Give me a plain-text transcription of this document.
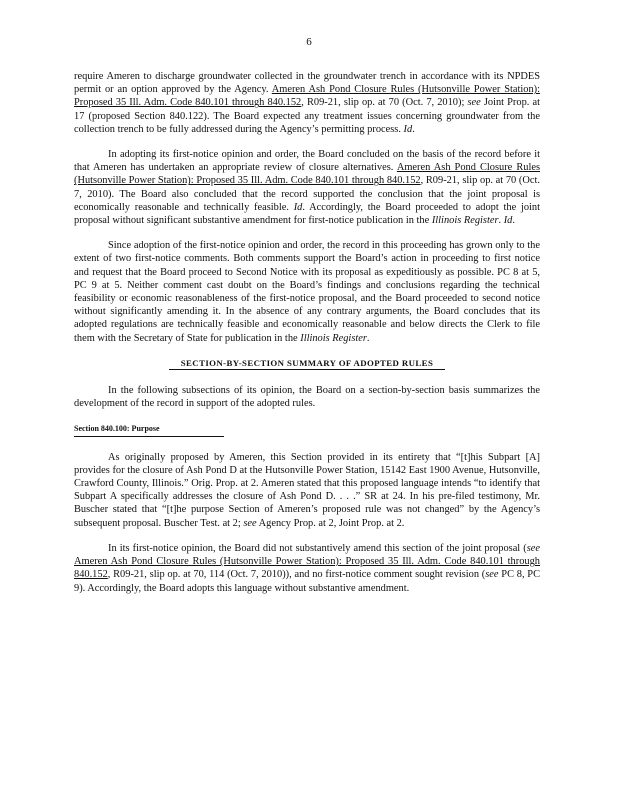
6

require Ameren to discharge groundwater collected in the groundwater trench in accordance with its NPDES permit or an option approved by the Agency. Ameren Ash Pond Closure Rules (Hutsonville Power Station): Proposed 35 Ill. Adm. Code 840.101 through 840.152, R09-21, slip op. at 70 (Oct. 7, 2010); see Joint Prop. at 17 (proposed Section 840.122). The Board expected any treatment issues concerning groundwater from the collection trench to be fully addressed during the Agency’s permitting process. Id.

In adopting its first-notice opinion and order, the Board concluded on the basis of the record before it that Ameren has undertaken an appropriate review of closure alternatives. Ameren Ash Pond Closure Rules (Hutsonville Power Station): Proposed 35 Ill. Adm. Code 840.101 through 840.152, R09-21, slip op. at 70 (Oct. 7, 2010). The Board also concluded that the record supported the conclusion that the joint proposal is economically reasonable and technically feasible. Id. Accordingly, the Board proceeded to adopt the joint proposal without significant substantive amendment for first-notice publication in the Illinois Register. Id.

Since adoption of the first-notice opinion and order, the record in this proceeding has grown only to the extent of two first-notice comments. Both comments support the Board’s action in proceeding to first notice and request that the Board proceed to Second Notice with its proposal as expeditiously as possible. PC 8 at 5, PC 9 at 5. Neither comment cast doubt on the Board’s findings and conclusions regarding the technical feasibility or economic reasonableness of the first-notice proposal, and the Board proceeded to second notice without significantly amending it. In the absence of any contrary arguments, the Board concludes that its adopted regulations are technically feasible and economically reasonable and below directs the Clerk to file them with the Secretary of State for publication in the Illinois Register.

SECTION-BY-SECTION SUMMARY OF ADOPTED RULES

In the following subsections of its opinion, the Board on a section-by-section basis summarizes the development of the record in support of the adopted rules.

Section 840.100: Purpose

As originally proposed by Ameren, this Section provided in its entirety that “[t]his Subpart [A] provides for the closure of Ash Pond D at the Hutsonville Power Station, 15142 East 1900 Avenue, Hutsonville, Crawford County, Illinois.” Orig. Prop. at 2. Ameren stated that this proposed language intends “to identify that Subpart A specifically addresses the closure of Ash Pond D. . . .” SR at 24. In his pre-filed testimony, Mr. Buscher stated that “[t]he purpose Section of Ameren’s proposed rule was not changed” by the Agency’s subsequent proposal. Buscher Test. at 2; see Agency Prop. at 2, Joint Prop. at 2.

In its first-notice opinion, the Board did not substantively amend this section of the joint proposal (see Ameren Ash Pond Closure Rules (Hutsonville Power Station): Proposed 35 Ill. Adm. Code 840.101 through 840.152, R09-21, slip op. at 70, 114 (Oct. 7, 2010)), and no first-notice comment sought revision (see PC 8, PC 9). Accordingly, the Board adopts this language without substantive amendment.
